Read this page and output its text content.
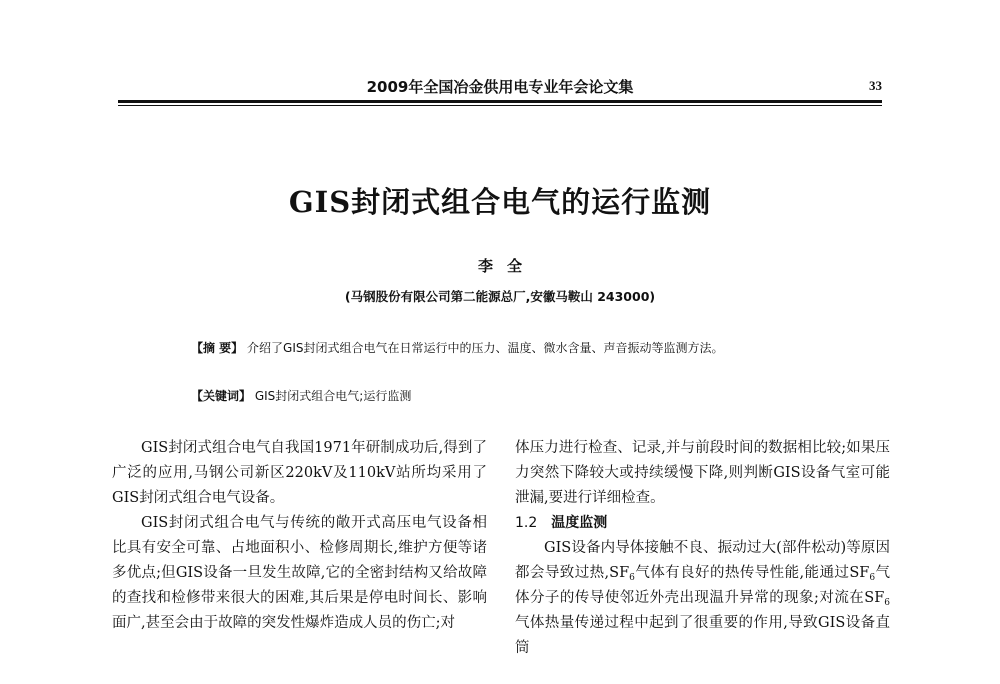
2009年全国冶金供用电专业年会论文集	33
GIS封闭式组合电气的运行监测
李全
(马钢股份有限公司第二能源总厂,安徽马鞍山 243000)
【摘 要】 介绍了GIS封闭式组合电气在日常运行中的压力、温度、微水含量、声音振动等监测方法。
【关键词】 GIS封闭式组合电气;运行监测

GIS封闭式组合电气自我国1971年研制成功后,得到了广泛的应用,马钢公司新区220kV及110kV站所均采用了GIS封闭式组合电气设备。

GIS封闭式组合电气与传统的敞开式高压电气设备相比具有安全可靠、占地面积小、检修周期长,维护方便等诸多优点;但GIS设备一旦发生故障,它的全密封结构又给故障的查找和检修带来很大的困难,其后果是停电时间长、影响面广,甚至会由于故障的突发性爆炸造成人员的伤亡;对

体压力进行检查、记录,并与前段时间的数据相比较;如果压力突然下降较大或持续缓慢下降,则判断GIS设备气室可能泄漏,要进行详细检查。

1.2 温度监测

GIS设备内导体接触不良、振动过大(部件松动)等原因都会导致过热$,SF_6$气体有良好的热传导性能,能通过$SF_6$气体分子的传导使邻近外壳出现温升异常的现象;对流在$SF_6$气体热量传递过程中起到了很重要的作用,导致GIS设备直筒
